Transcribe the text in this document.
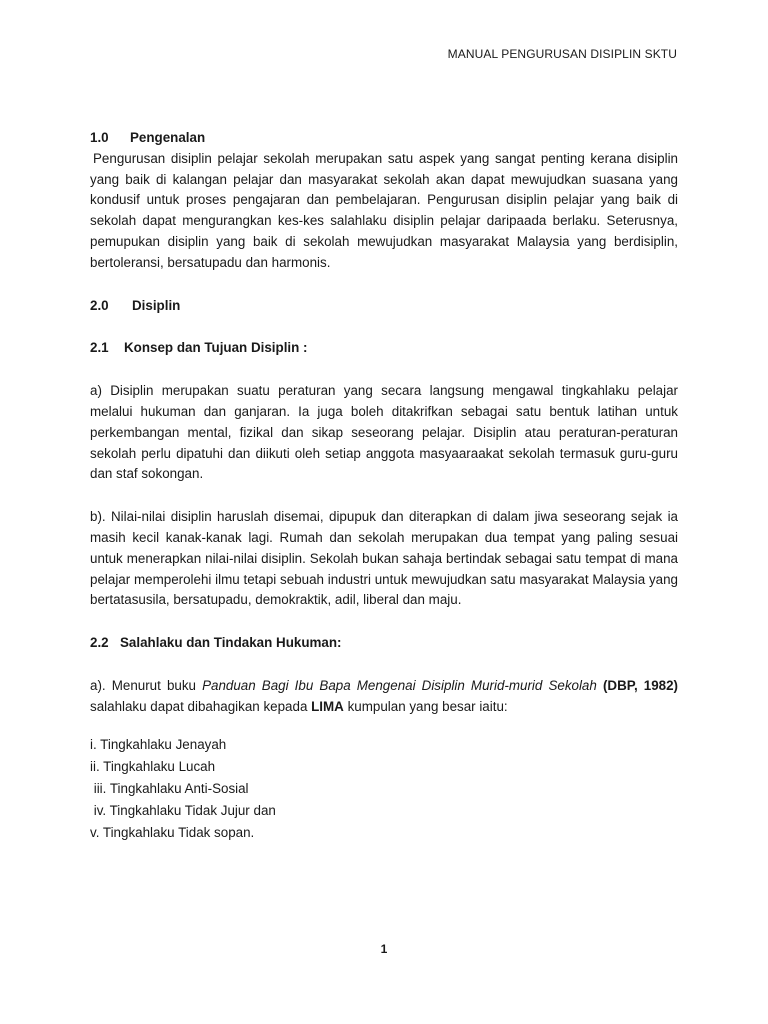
MANUAL PENGURUSAN DISIPLIN SKTU
1.0 Pengenalan

Pengurusan disiplin pelajar sekolah merupakan satu aspek yang sangat penting kerana disiplin yang baik di kalangan pelajar dan masyarakat sekolah akan dapat mewujudkan suasana yang kondusif untuk proses pengajaran dan pembelajaran. Pengurusan disiplin pelajar yang baik di sekolah dapat mengurangkan kes-kes salahlaku disiplin pelajar daripaada berlaku. Seterusnya, pemupukan disiplin yang baik di sekolah mewujudkan masyarakat Malaysia yang berdisiplin, bertoleransi, bersatupadu dan harmonis.

2.0 Disiplin
2.1 Konsep dan Tujuan Disiplin :

a) Disiplin merupakan suatu peraturan yang secara langsung mengawal tingkahlaku pelajar melalui hukuman dan ganjaran. Ia juga boleh ditakrifkan sebagai satu bentuk latihan untuk perkembangan mental, fizikal dan sikap seseorang pelajar. Disiplin atau peraturan-peraturan sekolah perlu dipatuhi dan diikuti oleh setiap anggota masyaaraakat sekolah termasuk guru-guru dan staf sokongan.

b). Nilai-nilai disiplin haruslah disemai, dipupuk dan diterapkan di dalam jiwa seseorang sejak ia masih kecil kanak-kanak lagi. Rumah dan sekolah merupakan dua tempat yang paling sesuai untuk menerapkan nilai-nilai disiplin. Sekolah bukan sahaja bertindak sebagai satu tempat di mana pelajar memperolehi ilmu tetapi sebuah industri untuk mewujudkan satu masyarakat Malaysia yang bertatasusila, bersatupadu, demokraktik, adil, liberal dan maju.

2.2 Salahlaku dan Tindakan Hukuman:

a). Menurut buku Panduan Bagi Ibu Bapa Mengenai Disiplin Murid-murid Sekolah (DBP, 1982) salahlaku dapat dibahagikan kepada LIMA kumpulan yang besar iaitu:

i. Tingkahlaku Jenayah
ii. Tingkahlaku Lucah
iii. Tingkahlaku Anti-Sosial
iv. Tingkahlaku Tidak Jujur dan
v. Tingkahlaku Tidak sopan.
1
